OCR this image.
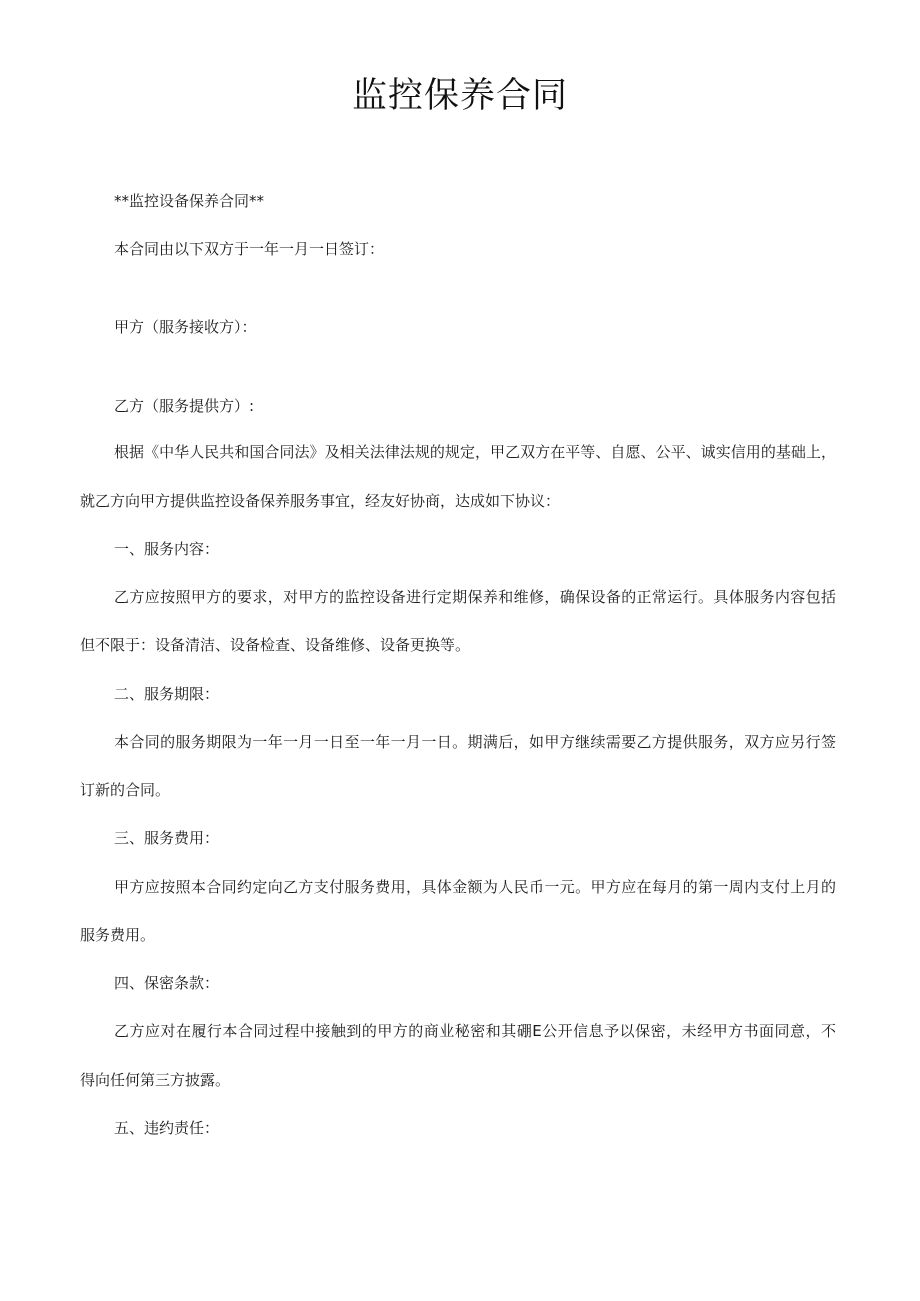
监控保养合同
**监控设备保养合同**
本合同由以下双方于一年一月一日签订：
甲方（服务接收方）：
乙方（服务提供方）:
根据《中华人民共和国合同法》及相关法律法规的规定，甲乙双方在平等、自愿、公平、诚实信用的基础上，
就乙方向甲方提供监控设备保养服务事宜，经友好协商，达成如下协议：
一、服务内容：
乙方应按照甲方的要求，对甲方的监控设备进行定期保养和维修，确保设备的正常运行。具体服务内容包括
但不限于：设备清洁、设备检查、设备维修、设备更换等。
二、服务期限：
本合同的服务期限为一年一月一日至一年一月一日。期满后，如甲方继续需要乙方提供服务，双方应另行签
订新的合同。
三、服务费用：
甲方应按照本合同约定向乙方支付服务费用，具体金额为人民币一元。甲方应在每月的第一周内支付上月的
服务费用。
四、保密条款：
乙方应对在履行本合同过程中接触到的甲方的商业秘密和其硼E公开信息予以保密，未经甲方书面同意，不
得向任何第三方披露。
五、违约责任：
